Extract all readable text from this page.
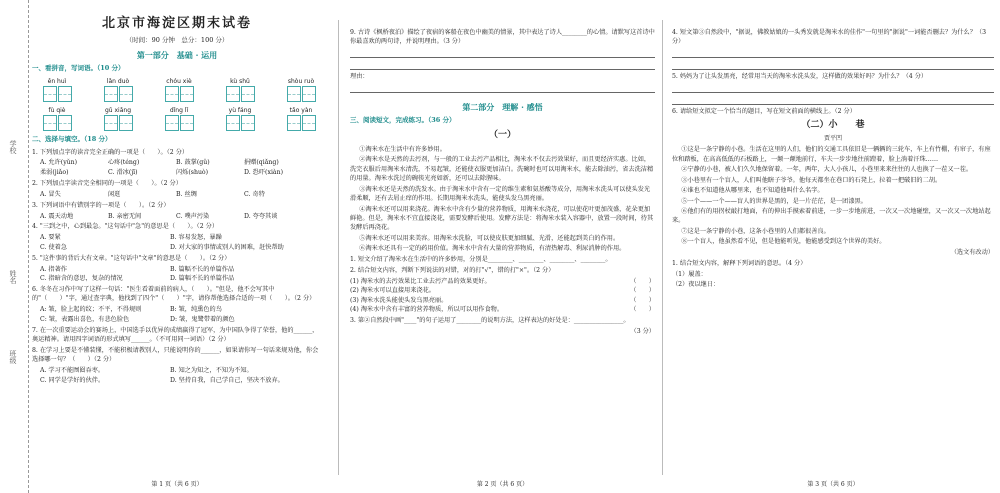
学校
姓名
班级
北京市海淀区期末试卷
（时间：90 分钟　总分：100 分）
第一部分　基础 · 运用
一、看拼音，写词语。（10 分）
ěn huì	lǎn duò	chóu xiè	kù shǔ	shòu ruò
fù qiè	gǔ xiǎng	dǐng lǐ	yù fáng	tǎo yàn
二、选择与填空。（18 分）
1. 下列加点字的读音完全正确的一项是（　　）。（2 分）
A. 允许(yǔn)	心疼(téng)	B. 鼓掌(gǔ)	捐赠(qiǎng)
柔弱(jiǎo)	C. 滑冰(jī)	闪烁(shuò)	D. 恐吓(xiàn)
2. 下列加点字读音完全相同的一项是（　　）。（2 分）
A. 冒失	闲逛	B. 丝绸	C. 奇特
3. 下列词语中有错别字的一项是（　　）。（2 分）
A. 震天动地	B. 亲密无间	C. 噗声污染	D. 夸夸其谈
4. "三到之中，心到最急。"这句话中"急"的意思是（　　）。（2 分）
A. 要紧	B. 容易发怒，暴躁
C. 使着急	D. 对大家的事情或别人的困难，赶快帮助
5. "这件事的背后大有文章。"这句话中"文章"的意思是（　　）。（2 分）
A. 指著作	B. 篇幅不长的单篇作品
C. 指暗含的意思，复杂的情况	D. 篇幅不长的单篇作品
6. 冬冬在习作中写了这样一句话："医生看着面前的病人，（　　）。"但是，他不会写其中的"（　　）"字，通过查字典，他找到了四个"（　　）"字，请你帮他选择合适的一项（　　）。（2 分）
A: 皱，脸上起的纹；不平，不得规则	B: 皱，纯熏色的鸟
C: 皱，表露出喜色，有悲色脸色	D: 皱，鬼鹭带着的颜色
7. 在一次重要运动会的赛场上，中国选手以优异的成绩赢得了冠军，为中国队争得了荣誉，他的______，奥运精神。请用四字词语的形式填写______。（不可用同一词语）（2 分）
8. 在学习上要是不懂装懂，不能积极请教别人，只能说明你的______，如果请你写一句话来规劝他，你会选择哪一句？（　　）（2 分）
A. 学习不能囫囵吞枣。	B. 知之为知之，不知为不知。
C. 同学是学好的伙伴。	D. 坚持自我，自己学自己，坚决不放弃。
第 1 页（共 6 页）
9. 古诗《枫桥夜泊》描绘了夜宿的客船在夜色中幽美的情景，其中表达了诗人________的心情。请默写这首诗中你最喜欢的两句诗，并说明理由。（3 分）
理由：
第二部分　理解 · 感悟
三、阅读短文，完成练习。（36 分）
（一）
①淘米水在生活中有许多妙用。
②淘米水是天然的去污剂，与一般的工业去污产品相比，淘米水不仅去污效果好，而且更经济实惠。比如，洗完衣服后用淘米水清洗，不易起皱，还能使衣服更加洁白。洗碗时也可以用淘米水，能去除油污，省去洗洁精的用量。淘米水洗过的碗筷光亮如新，还可以去除腥味。
③淘米水还是天然的洗发水。由于淘米水中含有一定的维生素和氨基酸等成分，用淘米水洗头可以使头发光滑柔顺，还有去屑止痒的作用。长期用淘米水洗头，能使头发乌黑亮丽。
④淘米水还可以用来浇花。淘米水中含有少量的营养物质，用淘米水浇花，可以使花叶更加茂盛，花朵更加鲜艳。但是，淘米水不宜直接浇花，需要发酵后使用。发酵方法是：将淘米水装入容器中，放置一段时间，待其发酵后再浇花。
⑤淘米水还可以用来美容。用淘米水洗脸，可以使皮肤更加细腻、光滑，还能起到美白的作用。
⑥淘米水还具有一定的药用价值。淘米水中含有大量的营养物质，有清热解毒、利尿消肿的作用。
1. 短文介绍了淘米水在生活中的许多妙用，分别是________、________、________、________。
2. 结合短文内容，判断下列说法的对错，对的打"√"，错的打"×"。（2 分）
(1) 淘米水的去污效果比工业去污产品的效果更好。	（　　）
(2) 淘米水可以直接用来浇花。	（　　）
(3) 淘米水洗头能使头发乌黑亮丽。	（　　）
(4) 淘米水中含有丰富的营养物质，所以可以用作食物。	（　　）
3. 第②自然段中画"____"的句子运用了________的说明方法，这样表达的好处是：________________。
（3 分）
第 2 页（共 6 页）
4. 短文第③自然段中，"据说，佛教姑娘的一头秀发就是淘米水的佳作"一句里的"据说"一词能否删去？为什么？（3 分）
5. 妈妈为了让头发黑亮，经常用当天的淘米水洗头发，这样做的效果好吗？为什么？（4 分）
6. 请给短文拟定一个恰当的题目，写在短文前面的横线上。（2 分）
（二）小　　巷
贾平凹
①这是一条宁静的小巷。生活在这里的人们，他们的交通工具依旧是一辆辆的三轮车，车上有竹棚，有帘子，有座位和踏板，在高高低低的石板路上，一颠一颠地前行，车夫一步步地往前蹬着，脸上淌着汗珠……
②宁静的小巷，被人们久久地保留着。一年，两年，大人小孩儿，小巷里来来往往的人也换了一茬又一茬。
③小巷里有一个盲人，人们叫他瞎子爷爷。他每天都坐在巷口的石凳上，拉着一把破旧的二胡。
④谁也不知道他从哪里来，也不知道他叫什么名字。
⑤一个——一个——盲人的世界是黑的，是一片茫茫，是一团漆黑。
⑥他们有的用拐杖敲打地面，有的伸出手摸索着前进，一步一步地前进，一次又一次地碰壁，又一次又一次地站起来。
⑦这是一条宁静的小巷，这条小巷里的人们都很善良。
⑧一个盲人，他虽然看不见，但是他能听见，他能感受到这个世界的美好。
（选文有改动）
1. 结合短文内容，解释下列词语的意思。（4 分）
（1）履盖：
（2）夜以继日：
第 3 页（共 6 页）
